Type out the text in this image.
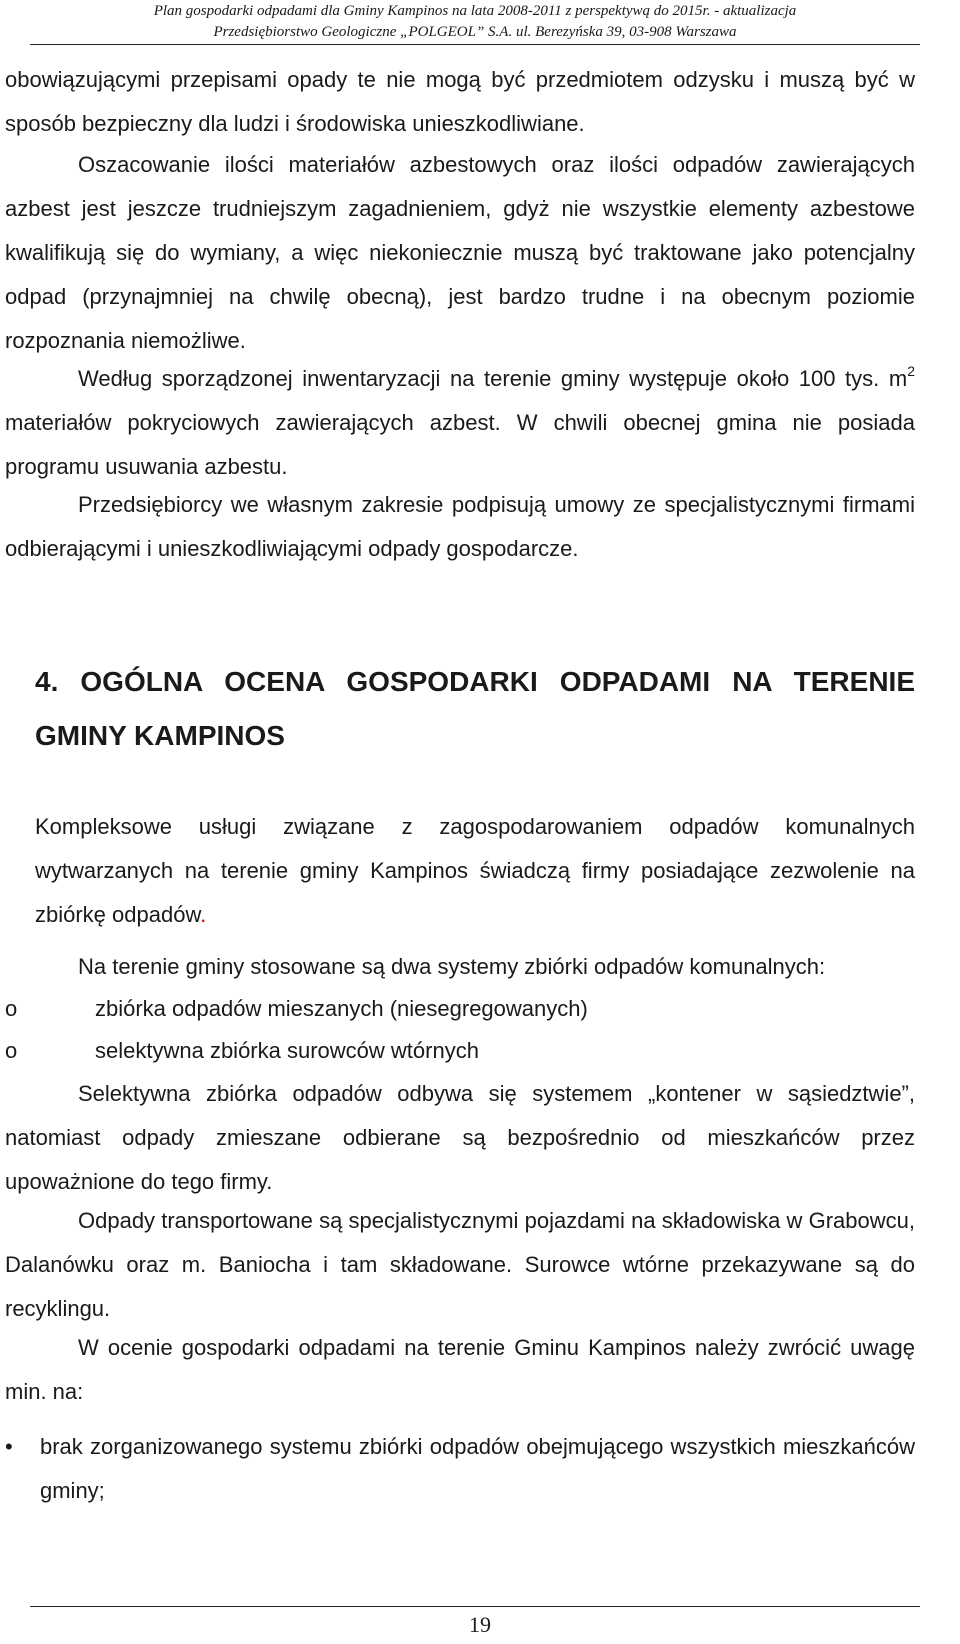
Plan gospodarki odpadami dla Gminy Kampinos na lata 2008-2011 z perspektywą do 2015r. - aktualizacja
Przedsiębiorstwo Geologiczne „POLGEOL” S.A. ul. Berezyńska 39, 03-908 Warszawa

obowiązującymi przepisami opady te nie mogą być przedmiotem odzysku i muszą być w sposób bezpieczny dla ludzi i środowiska unieszkodliwiane.

Oszacowanie ilości materiałów azbestowych oraz ilości odpadów zawierających azbest jest jeszcze trudniejszym zagadnieniem, gdyż nie wszystkie elementy azbestowe kwalifikują się do wymiany, a więc niekoniecznie muszą być traktowane jako potencjalny odpad (przynajmniej na chwilę obecną), jest bardzo trudne i na obecnym poziomie rozpoznania niemożliwe.

Według sporządzonej inwentaryzacji na terenie gminy występuje około 100 tys. $m^2$ materiałów pokryciowych zawierających azbest. W chwili obecnej gmina nie posiada programu usuwania azbestu.

Przedsiębiorcy we własnym zakresie podpisują umowy ze specjalistycznymi firmami odbierającymi i unieszkodliwiającymi odpady gospodarcze.

4. OGÓLNA OCENA GOSPODARKI ODPADAMI NA TERENIE GMINY KAMPINOS

Kompleksowe usługi związane z zagospodarowaniem odpadów komunalnych wytwarzanych na terenie gminy Kampinos świadczą firmy posiadające zezwolenie na zbiórkę odpadów.

Na terenie gminy stosowane są dwa systemy zbiórki odpadów komunalnych:

o	zbiórka odpadów mieszanych (niesegregowanych)
o	selektywna zbiórka surowców wtórnych

Selektywna zbiórka odpadów odbywa się systemem „kontener w sąsiedztwie”, natomiast odpady zmieszane odbierane są bezpośrednio od mieszkańców przez upoważnione do tego firmy.

Odpady transportowane są specjalistycznymi pojazdami na składowiska w Grabowcu, Dalanówku oraz m. Baniocha i tam składowane. Surowce wtórne przekazywane są do recyklingu.

W ocenie gospodarki odpadami na terenie Gminu Kampinos należy zwrócić uwagę min. na:

• brak zorganizowanego systemu zbiórki odpadów obejmującego wszystkich mieszkańców gminy;
19
